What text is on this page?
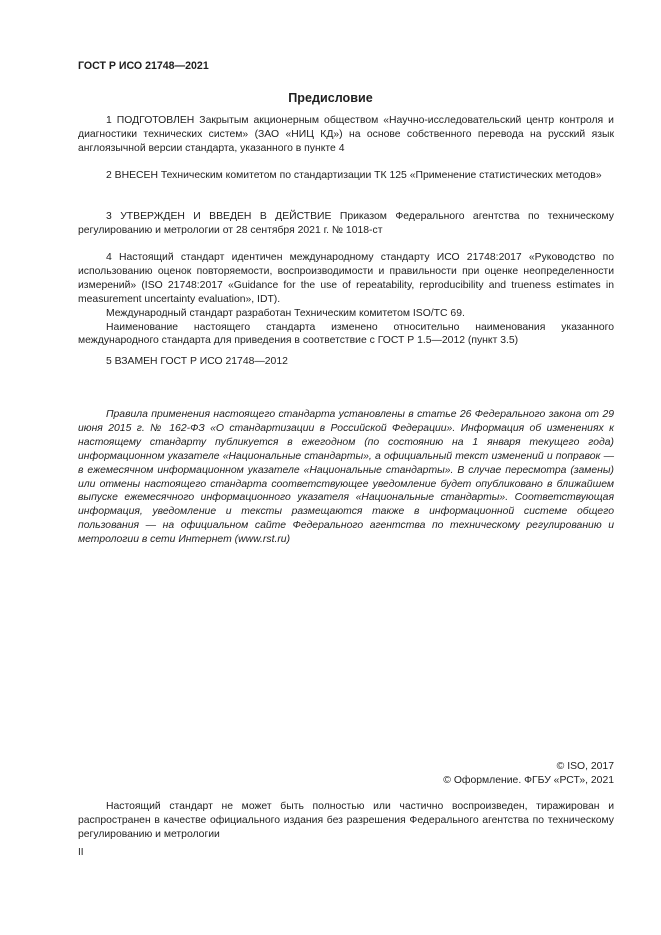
ГОСТ Р ИСО 21748—2021
Предисловие

1 ПОДГОТОВЛЕН Закрытым акционерным обществом «Научно-исследовательский центр контроля и диагностики технических систем» (ЗАО «НИЦ КД») на основе собственного перевода на русский язык англоязычной версии стандарта, указанного в пункте 4

2 ВНЕСЕН Техническим комитетом по стандартизации ТК 125 «Применение статистических методов»

3 УТВЕРЖДЕН И ВВЕДЕН В ДЕЙСТВИЕ Приказом Федерального агентства по техническому регулированию и метрологии от 28 сентября 2021 г. № 1018-ст

4 Настоящий стандарт идентичен международному стандарту ИСО 21748:2017 «Руководство по использованию оценок повторяемости, воспроизводимости и правильности при оценке неопределенности измерений» (ISO 21748:2017 «Guidance for the use of repeatability, reproducibility and trueness estimates in measurement uncertainty evaluation», IDT).

Международный стандарт разработан Техническим комитетом ISO/TC 69.

Наименование настоящего стандарта изменено относительно наименования указанного международного стандарта для приведения в соответствие с ГОСТ Р 1.5—2012 (пункт 3.5)

5 ВЗАМЕН ГОСТ Р ИСО 21748—2012

Правила применения настоящего стандарта установлены в статье 26 Федерального закона от 29 июня 2015 г. № 162-ФЗ «О стандартизации в Российской Федерации». Информация об изменениях к настоящему стандарту публикуется в ежегодном (по состоянию на 1 января текущего года) информационном указателе «Национальные стандарты», а официальный текст изменений и поправок — в ежемесячном информационном указателе «Национальные стандарты». В случае пересмотра (замены) или отмены настоящего стандарта соответствующее уведомление будет опубликовано в ближайшем выпуске ежемесячного информационного указателя «Национальные стандарты». Соответствующая информация, уведомление и тексты размещаются также в информационной системе общего пользования — на официальном сайте Федерального агентства по техническому регулированию и метрологии в сети Интернет (www.rst.ru)

© ISO, 2017
© Оформление. ФГБУ «РСТ», 2021

Настоящий стандарт не может быть полностью или частично воспроизведен, тиражирован и распространен в качестве официального издания без разрешения Федерального агентства по техническому регулированию и метрологии

II
